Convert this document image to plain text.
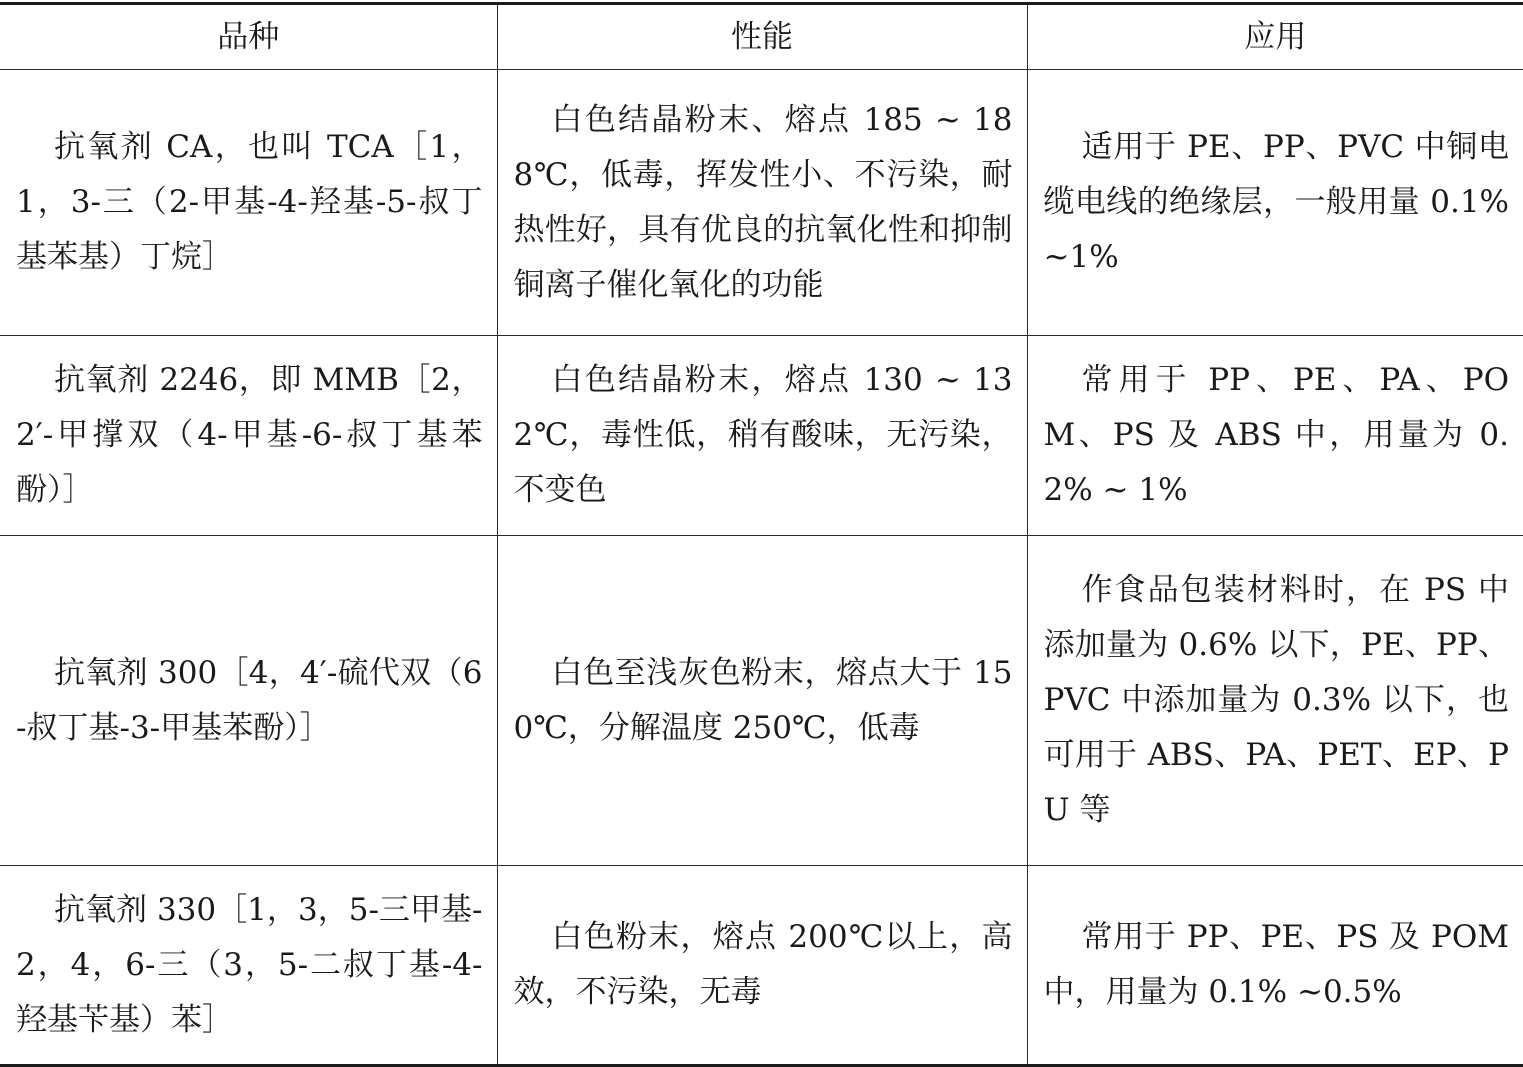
品种	性能	应用
抗氧剂 CA，也叫 TCA［1，1，3-三（2-甲基-4-羟基-5-叔丁基苯基）丁烷］	白色结晶粉末、熔点 185 ~ 188℃，低毒，挥发性小、不污染，耐热性好，具有优良的抗氧化性和抑制铜离子催化氧化的功能	适用于 PE、PP、PVC 中铜电缆电线的绝缘层，一般用量 0.1% ~1%
抗氧剂 2246，即 MMB［2，2′-甲撑双（4-甲基-6-叔丁基苯酚）］	白色结晶粉末，熔点 130 ~ 132℃，毒性低，稍有酸味，无污染，不变色	常用于 PP、PE、PA、POM、PS 及 ABS 中，用量为 0.2% ~ 1%
抗氧剂 300［4，4′-硫代双（6-叔丁基-3-甲基苯酚）］	白色至浅灰色粉末，熔点大于 150℃，分解温度 250℃，低毒	作食品包装材料时，在 PS 中添加量为 0.6% 以下，PE、PP、PVC 中添加量为 0.3% 以下，也可用于 ABS、PA、PET、EP、PU 等
抗氧剂 330［1，3，5-三甲基-2，4，6-三（3，5-二叔丁基-4-羟基苄基）苯］	白色粉末，熔点 200℃以上，高效，不污染，无毒	常用于 PP、PE、PS 及 POM 中，用量为 0.1% ~0.5%
